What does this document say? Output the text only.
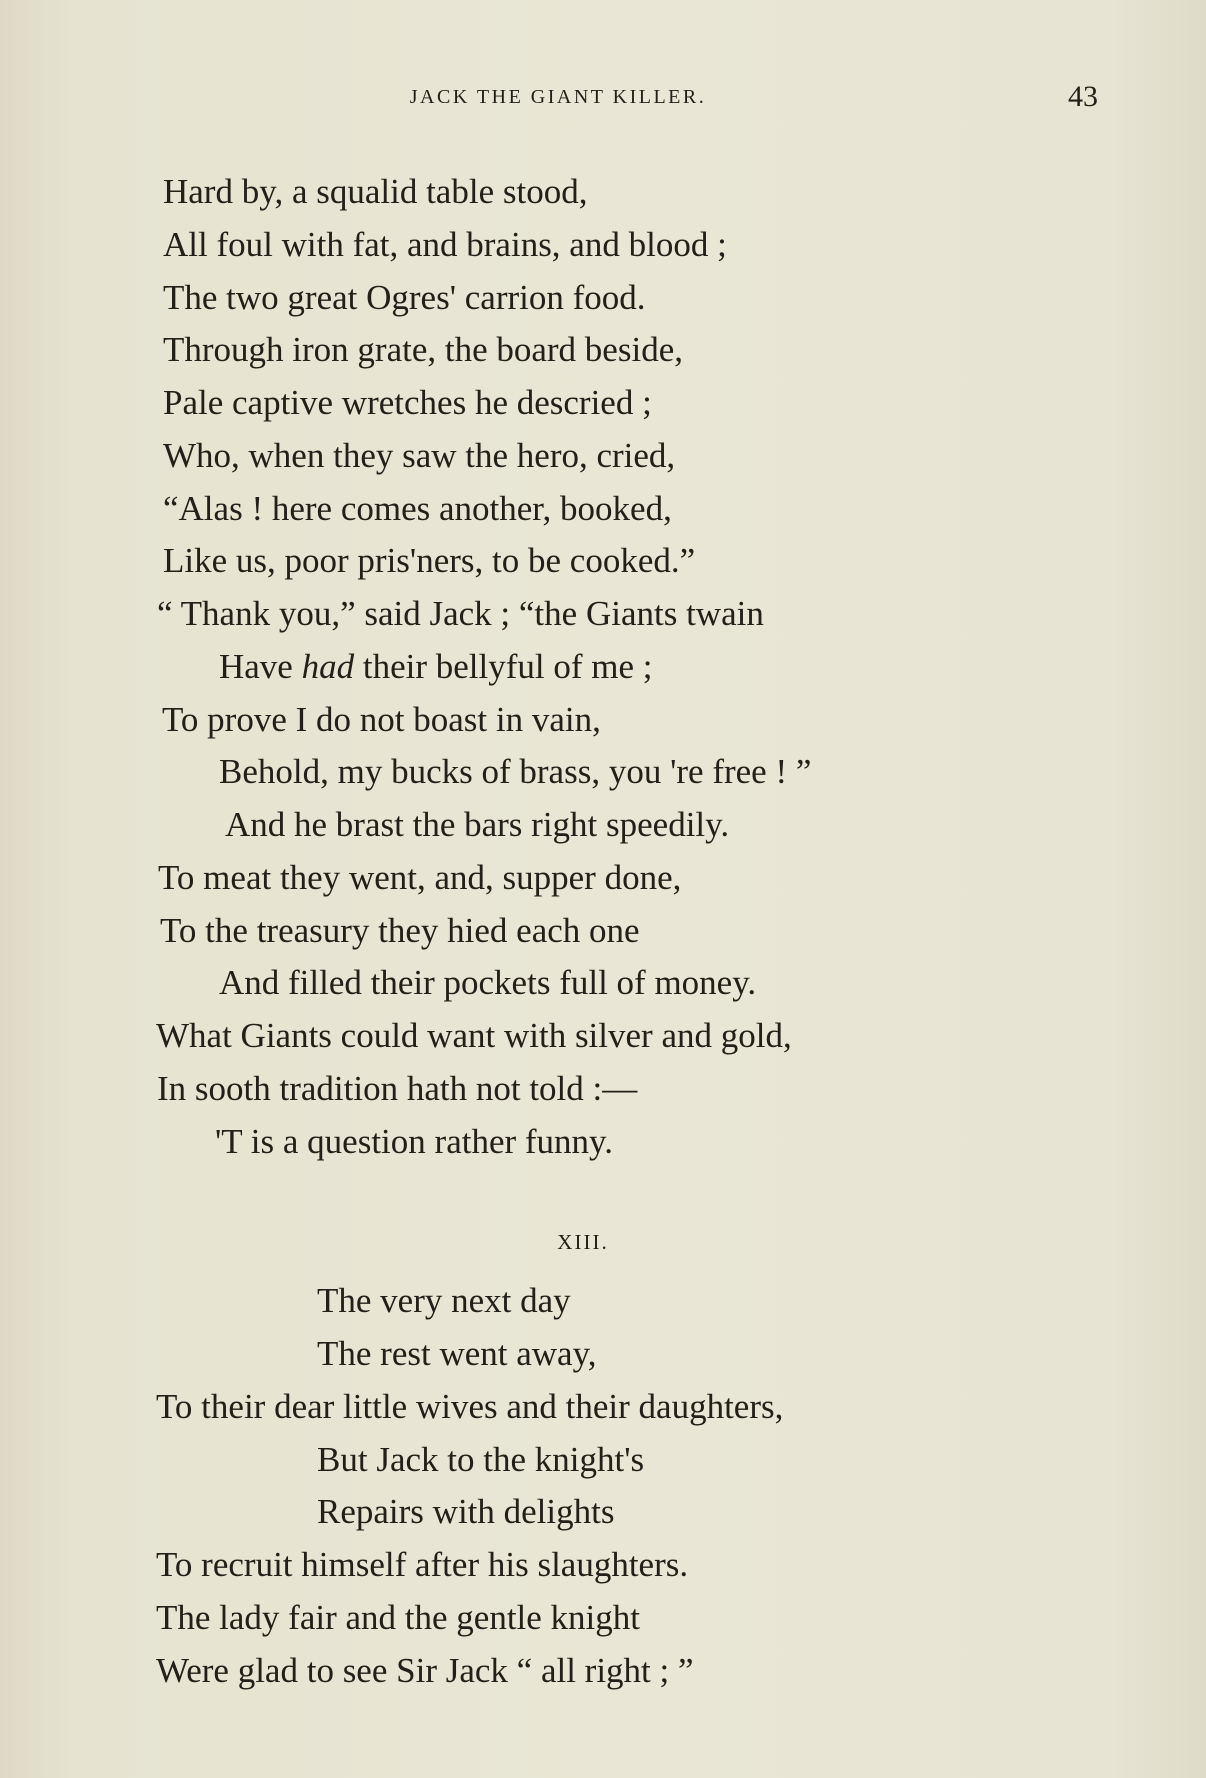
JACK THE GIANT KILLER.	43
Hard by, a squalid table stood,
All foul with fat, and brains, and blood ;
The two great Ogres' carrion food.
Through iron grate, the board beside,
Pale captive wretches he descried ;
Who, when they saw the hero, cried,
“Alas ! here comes another, booked,
Like us, poor pris'ners, to be cooked.”
“ Thank you,” said Jack ; “the Giants twain
Have had their bellyful of me ;
To prove I do not boast in vain,
Behold, my bucks of brass, you 're free ! ”
And he brast the bars right speedily.
To meat they went, and, supper done,
To the treasury they hied each one
And filled their pockets full of money.
What Giants could want with silver and gold,
In sooth tradition hath not told :—
'T is a question rather funny.
XIII.
The very next day
The rest went away,
To their dear little wives and their daughters,
But Jack to the knight's
Repairs with delights
To recruit himself after his slaughters.
The lady fair and the gentle knight
Were glad to see Sir Jack “ all right ; ”
